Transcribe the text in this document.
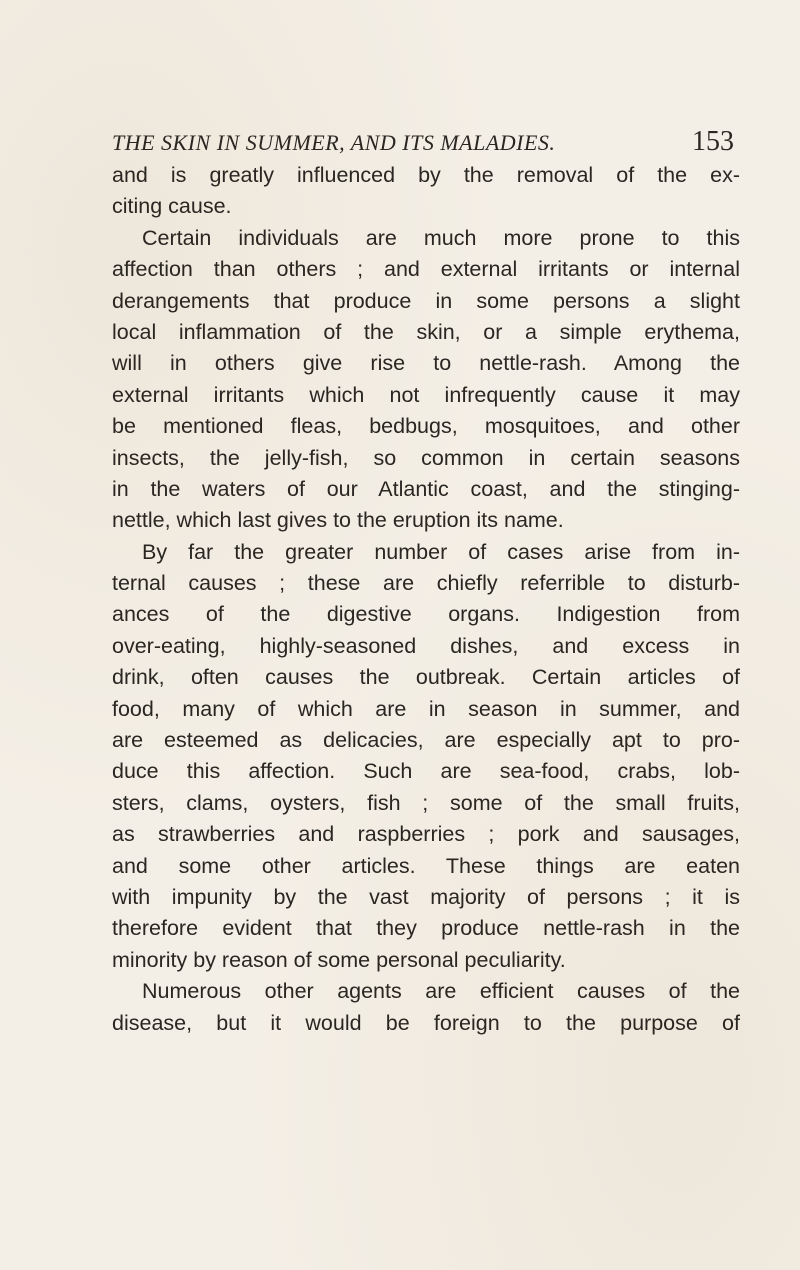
THE SKIN IN SUMMER, AND ITS MALADIES.	153
and is greatly influenced by the removal of the ex-
citing cause.
Certain individuals are much more prone to this
affection than others ; and external irritants or internal
derangements that produce in some persons a slight
local inflammation of the skin, or a simple erythema,
will in others give rise to nettle-rash. Among the
external irritants which not infrequently cause it may
be mentioned fleas, bedbugs, mosquitoes, and other
insects, the jelly-fish, so common in certain seasons
in the waters of our Atlantic coast, and the stinging-
nettle, which last gives to the eruption its name.
By far the greater number of cases arise from in-
ternal causes ; these are chiefly referrible to disturb-
ances of the digestive organs. Indigestion from
over-eating, highly-seasoned dishes, and excess in
drink, often causes the outbreak. Certain articles of
food, many of which are in season in summer, and
are esteemed as delicacies, are especially apt to pro-
duce this affection. Such are sea-food, crabs, lob-
sters, clams, oysters, fish ; some of the small fruits,
as strawberries and raspberries ; pork and sausages,
and some other articles. These things are eaten
with impunity by the vast majority of persons ; it is
therefore evident that they produce nettle-rash in the
minority by reason of some personal peculiarity.
Numerous other agents are efficient causes of the
disease, but it would be foreign to the purpose of
